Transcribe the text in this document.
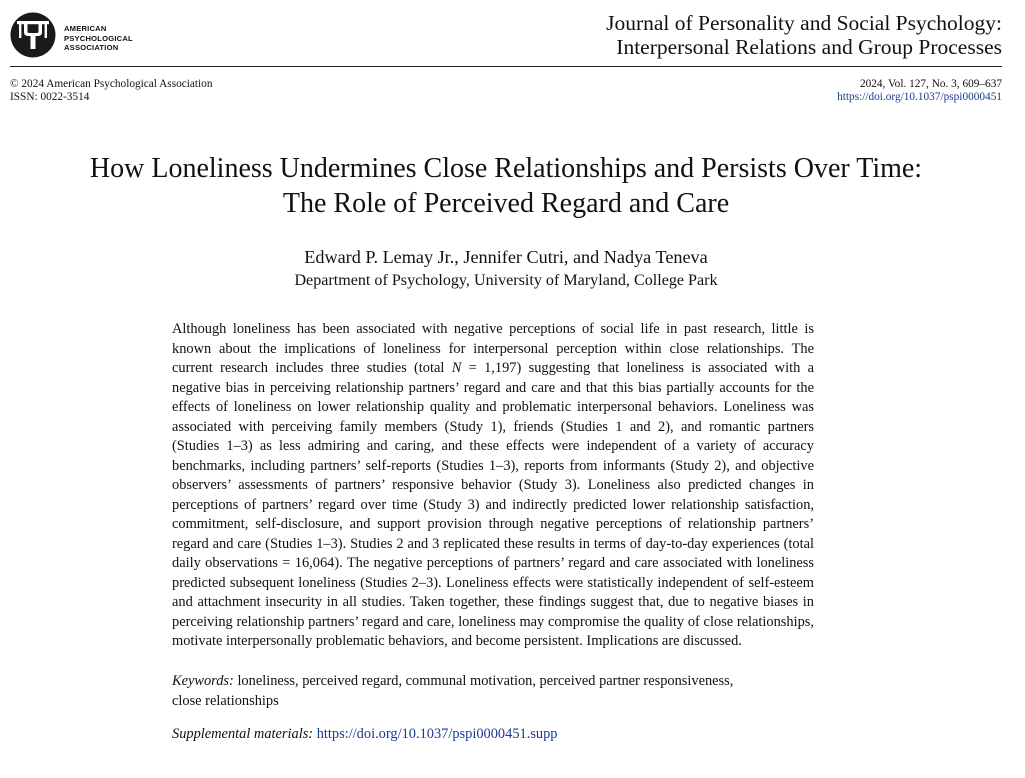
AMERICAN
PSYCHOLOGICAL
ASSOCIATION
Journal of Personality and Social Psychology:
Interpersonal Relations and Group Processes
© 2024 American Psychological Association
ISSN: 0022-3514
2024, Vol. 127, No. 3, 609–637
https://doi.org/10.1037/pspi0000451
How Loneliness Undermines Close Relationships and Persists Over Time:
The Role of Perceived Regard and Care
Edward P. Lemay Jr., Jennifer Cutri, and Nadya Teneva
Department of Psychology, University of Maryland, College Park
Although loneliness has been associated with negative perceptions of social life in past research, little is
known about the implications of loneliness for interpersonal perception within close relationships. The
current research includes three studies (total N = 1,197) suggesting that loneliness is associated with a
negative bias in perceiving relationship partners’ regard and care and that this bias partially accounts for the
effects of loneliness on lower relationship quality and problematic interpersonal behaviors. Loneliness was
associated with perceiving family members (Study 1), friends (Studies 1 and 2), and romantic partners
(Studies 1–3) as less admiring and caring, and these effects were independent of a variety of accuracy
benchmarks, including partners’ self-reports (Studies 1–3), reports from informants (Study 2), and objective
observers’ assessments of partners’ responsive behavior (Study 3). Loneliness also predicted changes in
perceptions of partners’ regard over time (Study 3) and indirectly predicted lower relationship satisfaction,
commitment, self-disclosure, and support provision through negative perceptions of relationship partners’
regard and care (Studies 1–3). Studies 2 and 3 replicated these results in terms of day-to-day experiences (total
daily observations = 16,064). The negative perceptions of partners’ regard and care associated with loneliness
predicted subsequent loneliness (Studies 2–3). Loneliness effects were statistically independent of self-esteem
and attachment insecurity in all studies. Taken together, these findings suggest that, due to negative biases in
perceiving relationship partners’ regard and care, loneliness may compromise the quality of close relationships,
motivate interpersonally problematic behaviors, and become persistent. Implications are discussed.
Keywords: loneliness, perceived regard, communal motivation, perceived partner responsiveness,
close relationships
Supplemental materials: https://doi.org/10.1037/pspi0000451.supp
